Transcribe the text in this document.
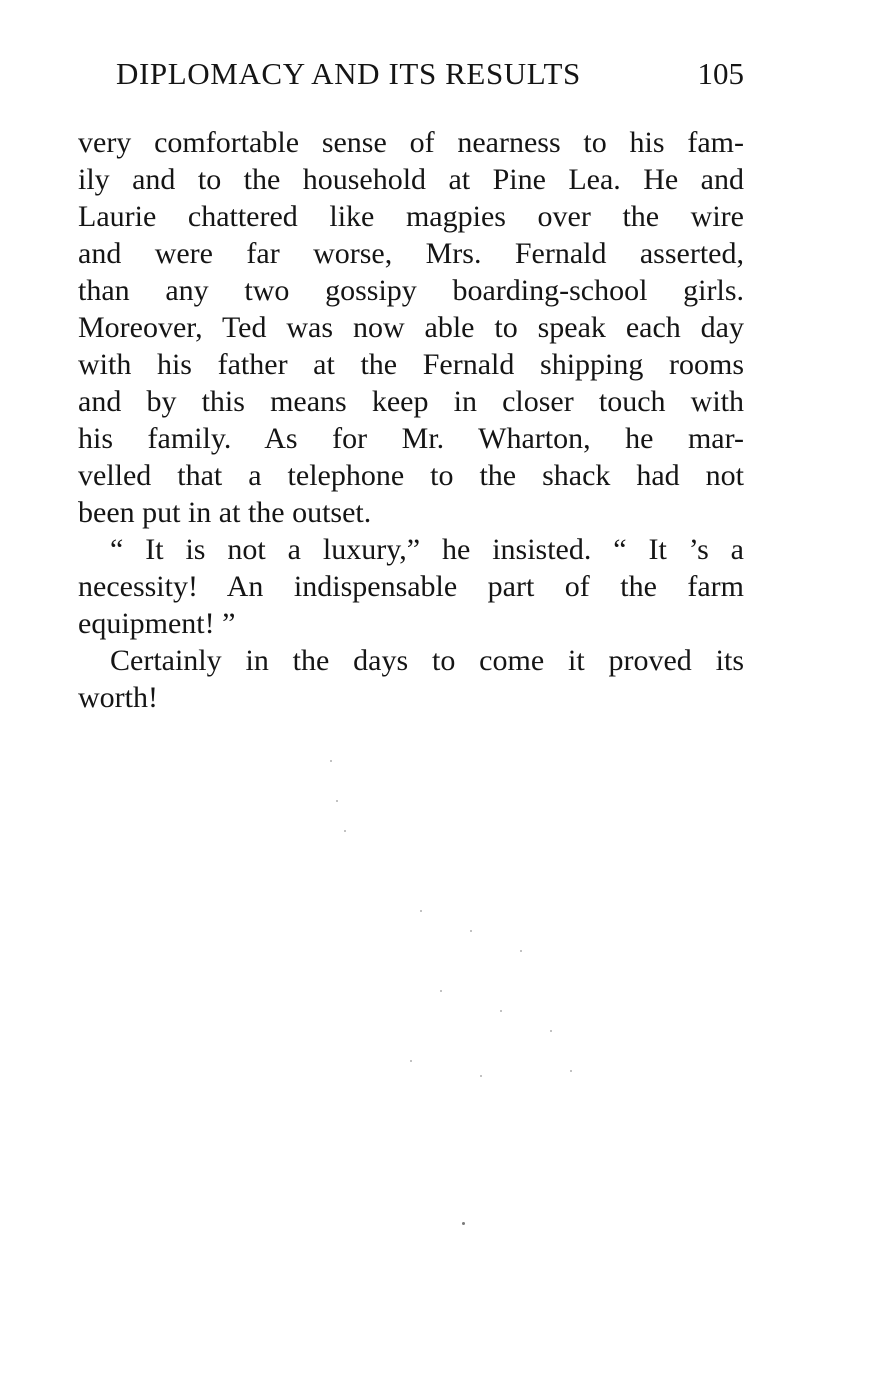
DIPLOMACY AND ITS RESULTS	105
very comfortable sense of nearness to his fam-
ily and to the household at Pine Lea. He and
Laurie chattered like magpies over the wire
and were far worse, Mrs. Fernald asserted,
than any two gossipy boarding-school girls.
Moreover, Ted was now able to speak each day
with his father at the Fernald shipping rooms
and by this means keep in closer touch with
his family. As for Mr. Wharton, he mar-
velled that a telephone to the shack had not
been put in at the outset.
“ It is not a luxury,” he insisted. “ It ’s a
necessity! An indispensable part of the farm
equipment! ”
Certainly in the days to come it proved its
worth!
